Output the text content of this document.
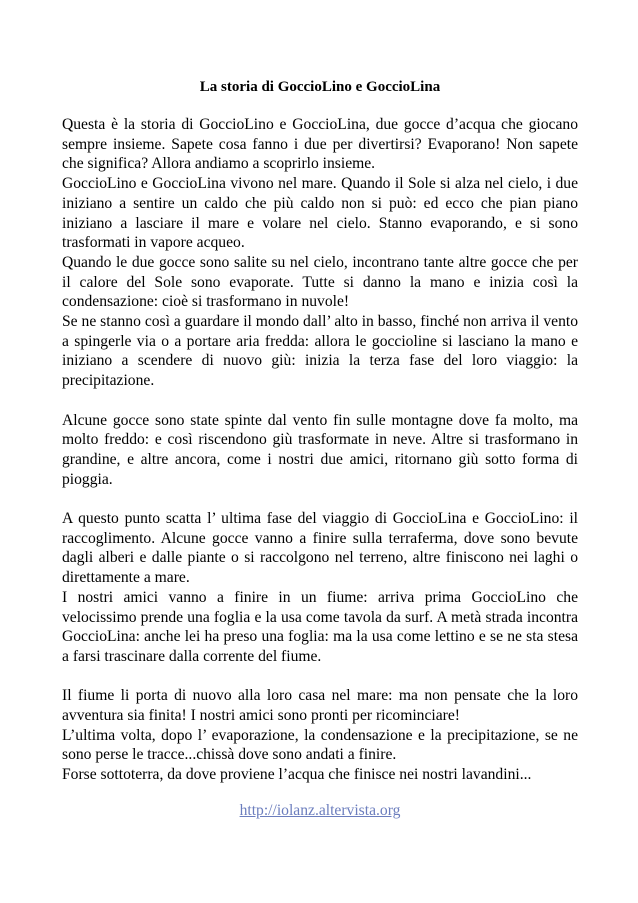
La storia di GoccioLino e GoccioLina

Questa è la storia di GoccioLino e GoccioLina, due gocce d’acqua che giocano sempre insieme. Sapete cosa fanno i due per divertirsi? Evaporano! Non sapete che significa? Allora andiamo a scoprirlo insieme.

GoccioLino e GoccioLina vivono nel mare. Quando il Sole si alza nel cielo, i due iniziano a sentire un caldo che più caldo non si può: ed ecco che pian piano iniziano a lasciare il mare e volare nel cielo. Stanno evaporando, e si sono trasformati in vapore acqueo.

Quando le due gocce sono salite su nel cielo, incontrano tante altre gocce che per il calore del Sole sono evaporate. Tutte si danno la mano e inizia così la condensazione: cioè si trasformano in nuvole!

Se ne stanno così a guardare il mondo dall’ alto in basso, finché non arriva il vento a spingerle via o a portare aria fredda: allora le goccioline si lasciano la mano e iniziano a scendere di nuovo giù: inizia la terza fase del loro viaggio: la precipitazione.

Alcune gocce sono state spinte dal vento fin sulle montagne dove fa molto, ma molto freddo: e così riscendono giù trasformate in neve. Altre si trasformano in grandine, e altre ancora, come i nostri due amici, ritornano giù sotto forma di pioggia.

A questo punto scatta l’ ultima fase del viaggio di GoccioLina e GoccioLino: il raccoglimento. Alcune gocce vanno a finire sulla terraferma, dove sono bevute dagli alberi e dalle piante o si raccolgono nel terreno, altre finiscono nei laghi o direttamente a mare.

I nostri amici vanno a finire in un fiume: arriva prima GoccioLino che velocissimo prende una foglia e la usa come tavola da surf. A metà strada incontra GoccioLina: anche lei ha preso una foglia: ma la usa come lettino e se ne sta stesa a farsi trascinare dalla corrente del fiume.

Il fiume li porta di nuovo alla loro casa nel mare: ma non pensate che la loro avventura sia finita! I nostri amici sono pronti per ricominciare!

L’ultima volta, dopo l’ evaporazione, la condensazione e la precipitazione, se ne sono perse le tracce...chissà dove sono andati a finire.

Forse sottoterra, da dove proviene l’acqua che finisce nei nostri lavandini...

http://iolanz.altervista.org
